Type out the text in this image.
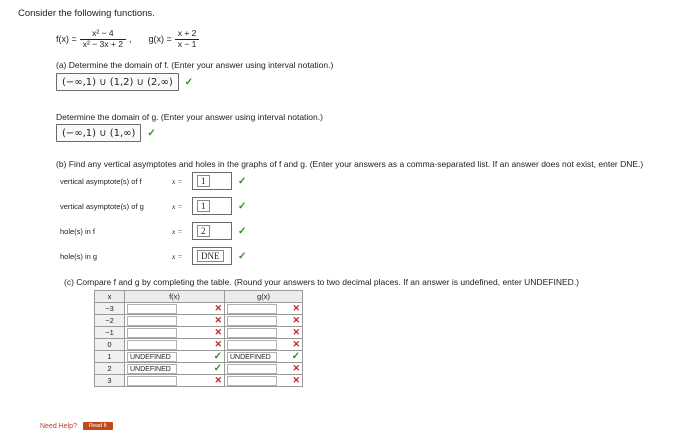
Consider the following functions.
$f(x) = \frac{\text{x² − 4}}{\text{x² − 3x + 2}}$ , $g(x) = \frac{x + 2}{x - 1}$
(a) Determine the domain of f. (Enter your answer using interval notation.)
(−∞,1) ∪ (1,2) ∪ (2,∞) ✓
Determine the domain of g. (Enter your answer using interval notation.)
(−∞,1) ∪ (1,∞) ✓
(b) Find any vertical asymptotes and holes in the graphs of f and g. (Enter your answers as a comma-separated list. If an answer does not exist, enter DNE.)
vertical asymptote(s) of f	x =	1	✓
vertical asymptote(s) of g	x =	1	✓
hole(s) in f	x =	2	✓
hole(s) in g	x =	DNE	✓
(c) Compare f and g by completing the table. (Round your answers to two decimal places. If an answer is undefined, enter UNDEFINED.)
x	f(x)	g(x)
−3	✕	✕

−2	✕	✕

−1	✕	✕

0	✕	✕

1	UNDEFINED ✓	UNDEFINED ✓

2	UNDEFINED ✓	✕

3	✕	✕
Need Help?	Read It
